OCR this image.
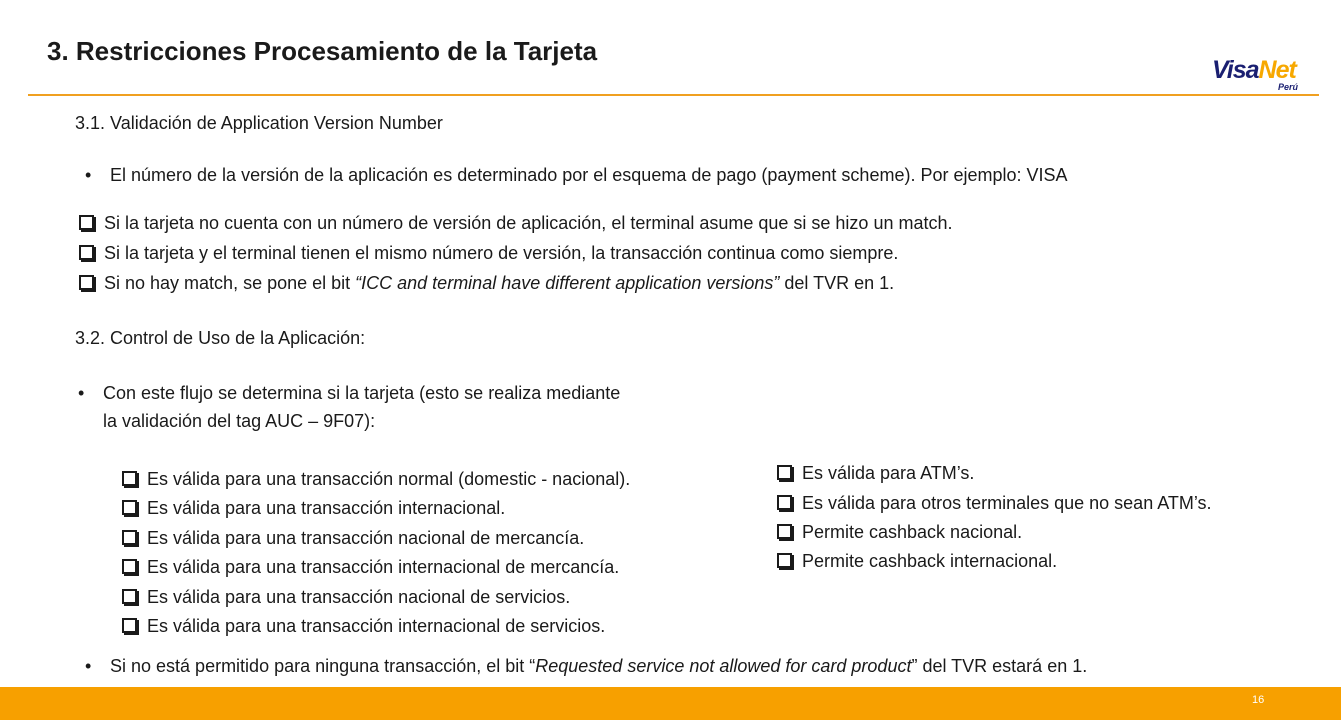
3. Restricciones Procesamiento de la Tarjeta
VisaNet
Perú
3.1. Validación de Application Version Number
• El número de la versión de la aplicación es determinado por el esquema de pago (payment scheme). Por ejemplo: VISA
Si la tarjeta no cuenta con un número de versión de aplicación, el terminal asume que si se hizo un match.
Si la tarjeta y el terminal tienen el mismo número de versión, la transacción continua como siempre.
Si no hay match, se pone el bit “ICC and terminal have different application versions” del TVR en 1.
3.2. Control de Uso de la Aplicación:
• Con este flujo se determina si la tarjeta (esto se realiza mediante
la validación del tag AUC – 9F07):
Es válida para una transacción normal (domestic - nacional).
Es válida para una transacción internacional.
Es válida para una transacción nacional de mercancía.
Es válida para una transacción internacional de mercancía.
Es válida para una transacción nacional de servicios.
Es válida para una transacción internacional de servicios.
Es válida para ATM’s.
Es válida para otros terminales que no sean ATM’s.
Permite cashback nacional.
Permite cashback internacional.
• Si no está permitido para ninguna transacción, el bit “Requested service not allowed for card product” del TVR estará en 1.
16
